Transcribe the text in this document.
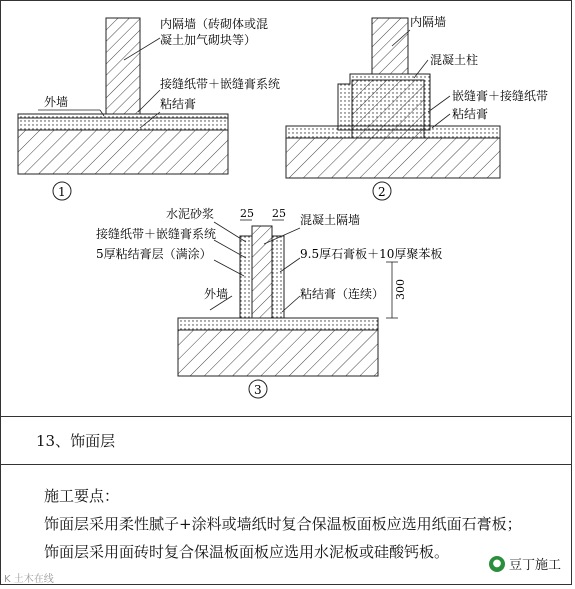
内隔墙（砖砌体或混
凝土加气砌块等）
接缝纸带＋嵌缝膏系统
粘结膏
外墙
1
内隔墙
混凝土柱
嵌缝膏＋接缝纸带
粘结膏
2
25 25
300
水泥砂浆
接缝纸带＋嵌缝膏系统
5厚粘结膏层（满涂）
外墙
混凝土隔墙
9.5厚石膏板＋10厚聚苯板
粘结膏（连续）
3
13、饰面层
施工要点：
饰面层采用柔性腻子+涂料或墙纸时复合保温板面板应选用纸面石膏板；
饰面层采用面砖时复合保温板面板应选用水泥板或硅酸钙板。
K 土木在线
● 豆丁施工
